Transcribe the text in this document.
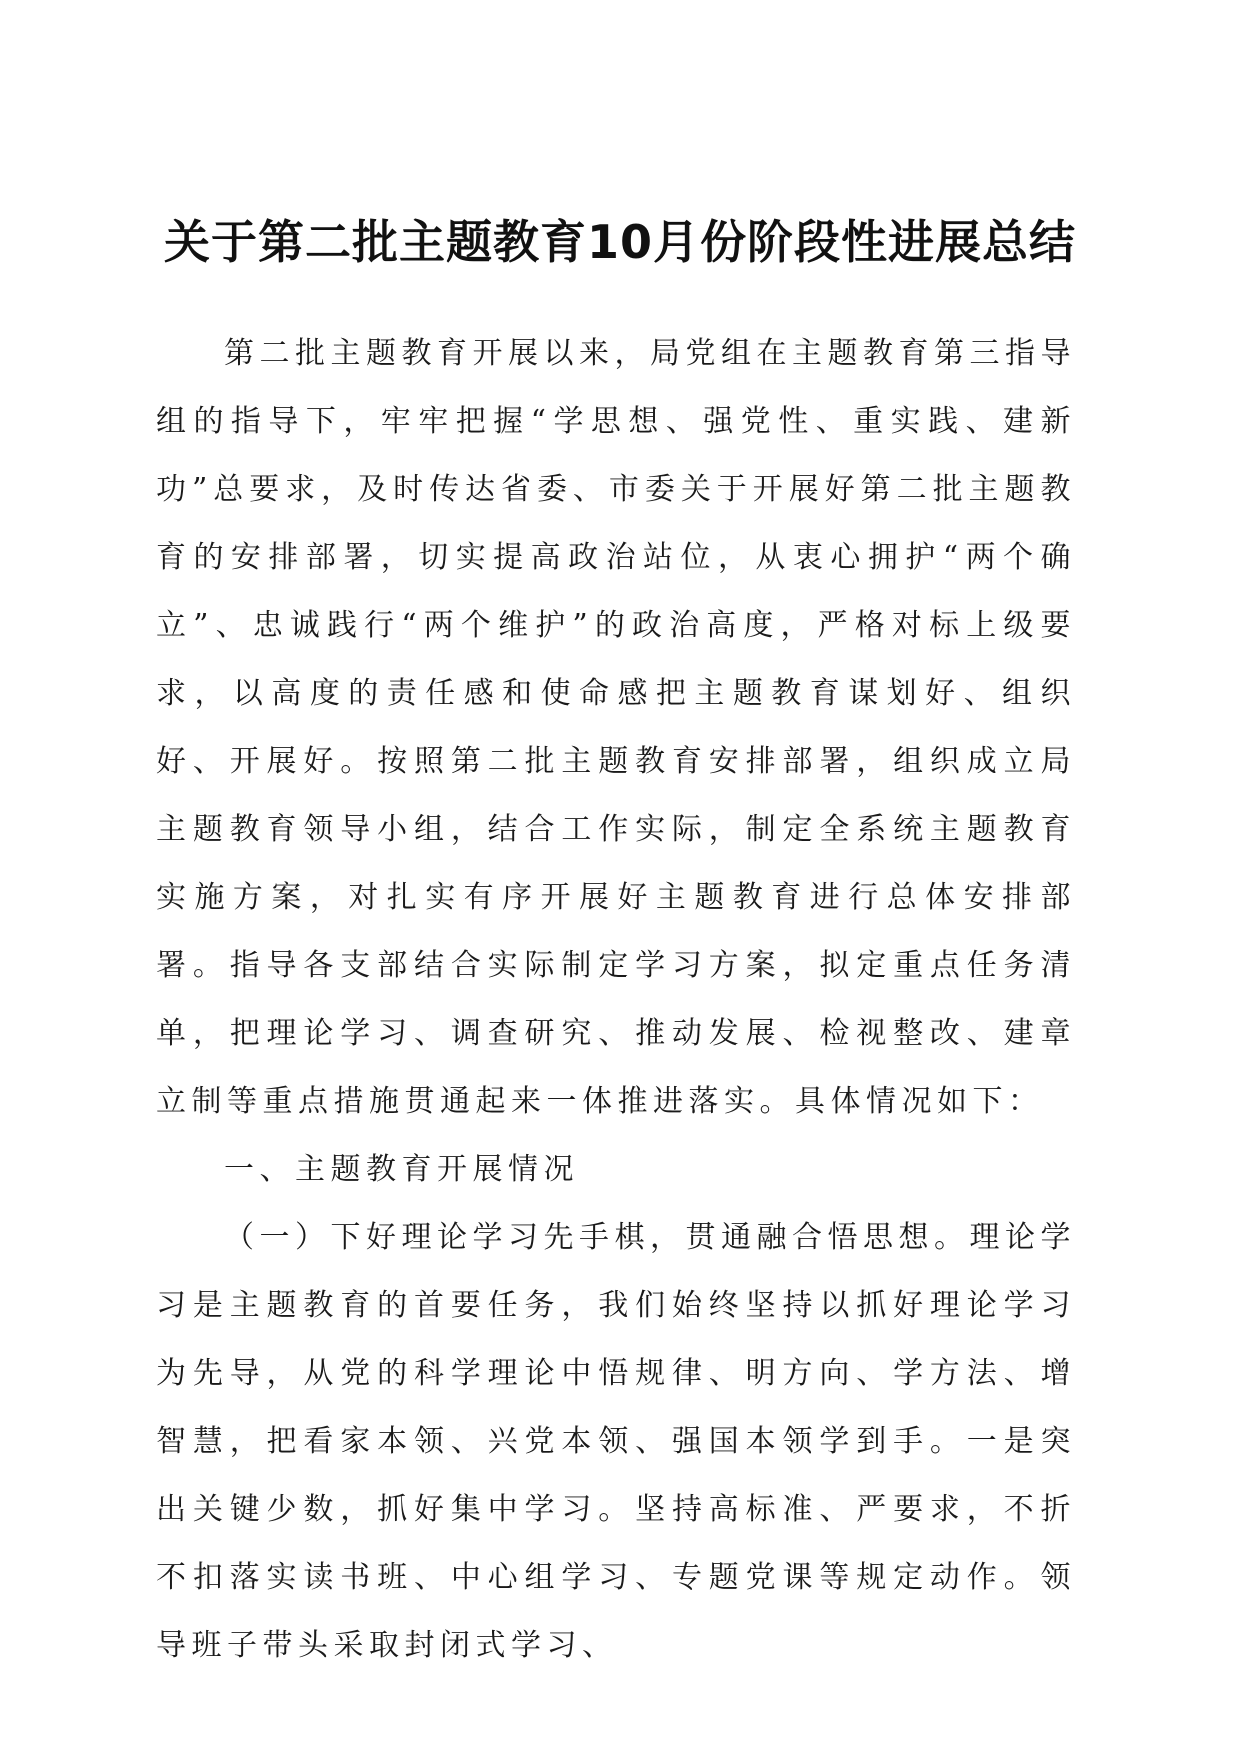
关于第二批主题教育10月份阶段性进展总结

第二批主题教育开展以来，局党组在主题教育第三指导组的指导下，牢牢把握“学思想、强党性、重实践、建新功”总要求，及时传达省委、市委关于开展好第二批主题教育的安排部署，切实提高政治站位，从衷心拥护“两个确立”、忠诚践行“两个维护”的政治高度，严格对标上级要求，以高度的责任感和使命感把主题教育谋划好、组织好、开展好。按照第二批主题教育安排部署，组织成立局主题教育领导小组，结合工作实际，制定全系统主题教育实施方案，对扎实有序开展好主题教育进行总体安排部署。指导各支部结合实际制定学习方案，拟定重点任务清单，把理论学习、调查研究、推动发展、检视整改、建章立制等重点措施贯通起来一体推进落实。具体情况如下：

一、主题教育开展情况

（一）下好理论学习先手棋，贯通融合悟思想。理论学习是主题教育的首要任务，我们始终坚持以抓好理论学习为先导，从党的科学理论中悟规律、明方向、学方法、增智慧，把看家本领、兴党本领、强国本领学到手。一是突出关键少数，抓好集中学习。坚持高标准、严要求，不折不扣落实读书班、中心组学习、专题党课等规定动作。领导班子带头采取封闭式学习、
